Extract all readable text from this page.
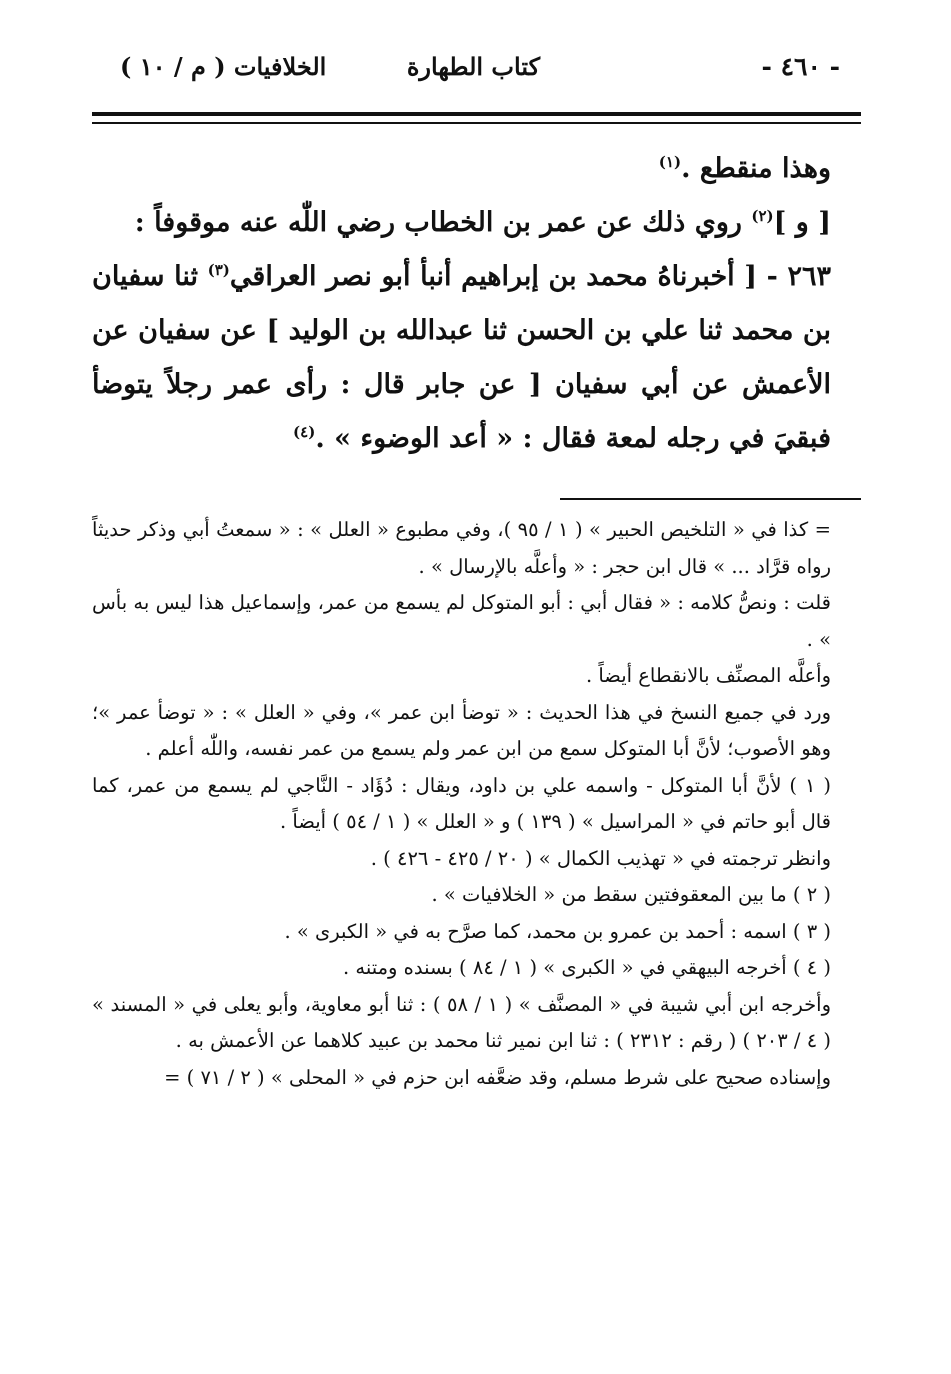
- ٤٦٠ -
كتاب الطهارة
الخلافيات ( م / ١٠ )

وهذا منقطع .$^{(١)}$

[ و ]$^{(٢)}$ روي ذلك عن عمر بن الخطاب رضي اللّٰه عنه موقوفاً :

٢٦٣ - [ أخبرناهُ محمد بن إبراهيم أنبأ أبو نصر العراقي$^{(٣)}$ ثنا سفيان بن محمد ثنا علي بن الحسن ثنا عبدالله بن الوليد ] عن سفيان عن الأعمش عن أبي سفيان [ عن جابر قال : رأى عمر رجلاً يتوضأ فبقيَ في رجله لمعة فقال : « أعد الوضوء » .$^{(٤)}$

= كذا في « التلخيص الحبير » ( ١ / ٩٥ )، وفي مطبوع « العلل » : « سمعتُ أبي وذكر حديثاً رواه قرَّاد ... » قال ابن حجر : « وأعلَّه بالإرسال » .

قلت : ونصُّ كلامه : « فقال أبي : أبو المتوكل لم يسمع من عمر، وإسماعيل هذا ليس به بأس » .

وأعلَّه المصنِّف بالانقطاع أيضاً .

ورد في جميع النسخ في هذا الحديث : « توضأ ابن عمر »، وفي « العلل » : « توضأ عمر »؛ وهو الأصوب؛ لأنَّ أبا المتوكل سمع من ابن عمر ولم يسمع من عمر نفسه، واللّٰه أعلم .

( ١ ) لأنَّ أبا المتوكل - واسمه علي بن داود، ويقال : دُؤَاد - النَّاجي لم يسمع من عمر، كما قال أبو حاتم في « المراسيل » ( ١٣٩ ) و « العلل » ( ١ / ٥٤ ) أيضاً .

وانظر ترجمته في « تهذيب الكمال » ( ٢٠ / ٤٢٥ - ٤٢٦ ) .

( ٢ ) ما بين المعقوفتين سقط من « الخلافيات » .

( ٣ ) اسمه : أحمد بن عمرو بن محمد، كما صرَّح به في « الكبرى » .

( ٤ ) أخرجه البيهقي في « الكبرى » ( ١ / ٨٤ ) بسنده ومتنه .

وأخرجه ابن أبي شيبة في « المصنَّف » ( ١ / ٥٨ ) : ثنا أبو معاوية، وأبو يعلى في « المسند » ( ٤ / ٢٠٣ ) ( رقم : ٢٣١٢ ) : ثنا ابن نمير ثنا محمد بن عبيد كلاهما عن الأعمش به .

وإسناده صحيح على شرط مسلم، وقد ضعَّفه ابن حزم في « المحلى » ( ٢ / ٧١ ) =
